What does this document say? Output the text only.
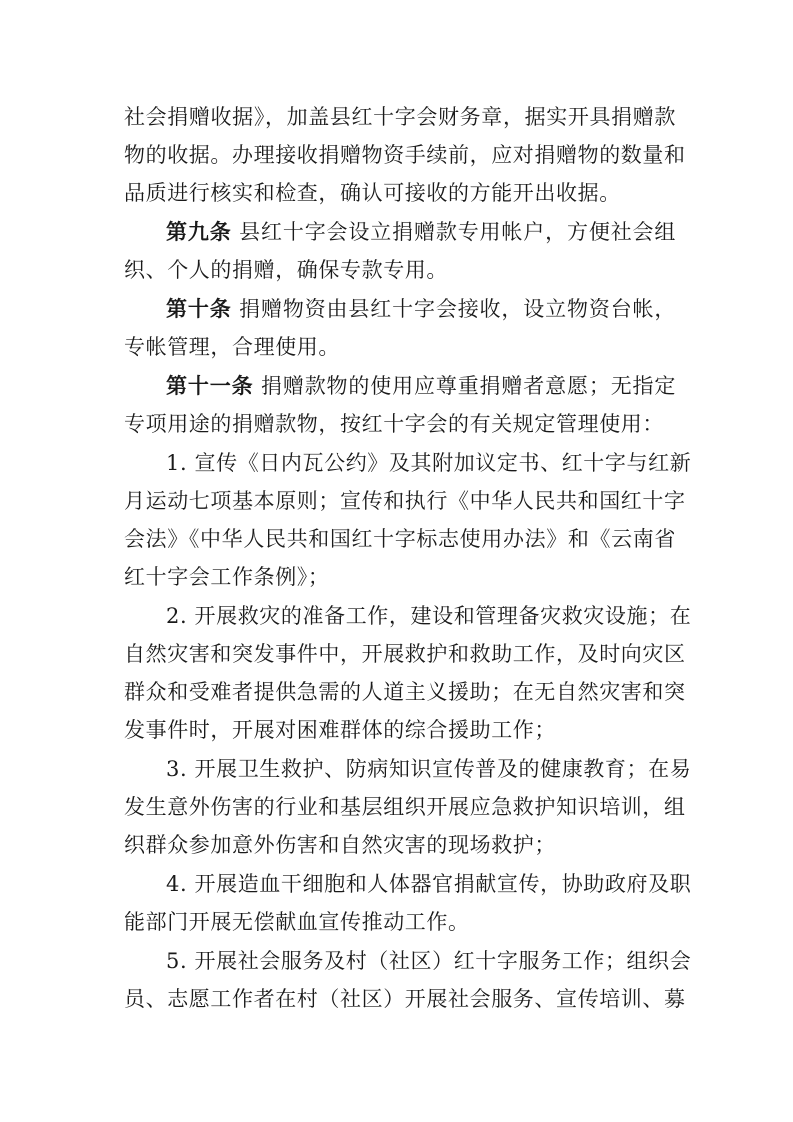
社会捐赠收据》，加盖县红十字会财务章，据实开具捐赠款
物的收据。办理接收捐赠物资手续前，应对捐赠物的数量和
品质进行核实和检查，确认可接收的方能开出收据。
第九条 县红十字会设立捐赠款专用帐户，方便社会组
织、个人的捐赠，确保专款专用。
第十条 捐赠物资由县红十字会接收，设立物资台帐，
专帐管理，合理使用。
第十一条 捐赠款物的使用应尊重捐赠者意愿；无指定
专项用途的捐赠款物，按红十字会的有关规定管理使用：
1. 宣传《日内瓦公约》及其附加议定书、红十字与红新
月运动七项基本原则；宣传和执行《中华人民共和国红十字
会法》《中华人民共和国红十字标志使用办法》和《云南省
红十字会工作条例》；
2. 开展救灾的准备工作，建设和管理备灾救灾设施；在
自然灾害和突发事件中，开展救护和救助工作，及时向灾区
群众和受难者提供急需的人道主义援助；在无自然灾害和突
发事件时，开展对困难群体的综合援助工作；
3. 开展卫生救护、防病知识宣传普及的健康教育；在易
发生意外伤害的行业和基层组织开展应急救护知识培训，组
织群众参加意外伤害和自然灾害的现场救护；
4. 开展造血干细胞和人体器官捐献宣传，协助政府及职
能部门开展无偿献血宣传推动工作。
5. 开展社会服务及村（社区）红十字服务工作；组织会
员、志愿工作者在村（社区）开展社会服务、宣传培训、募
